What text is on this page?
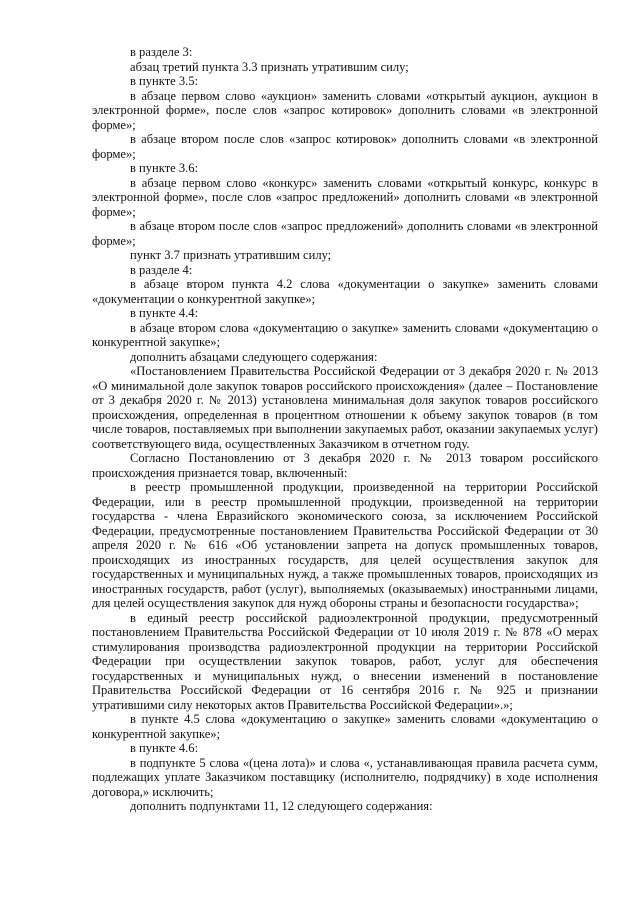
в разделе 3:

абзац третий пункта 3.3 признать утратившим силу;

в пункте 3.5:

в абзаце первом слово «аукцион» заменить словами «открытый аукцион, аукцион в электронной форме», после слов «запрос котировок» дополнить словами «в электронной форме»;

в абзаце втором после слов «запрос котировок» дополнить словами «в электронной форме»;

в пункте 3.6:

в абзаце первом слово «конкурс» заменить словами «открытый конкурс, конкурс в электронной форме», после слов «запрос предложений» дополнить словами «в электронной форме»;

в абзаце втором после слов «запрос предложений» дополнить словами «в электронной форме»;

пункт 3.7 признать утратившим силу;

в разделе 4:

в абзаце втором пункта 4.2 слова «документации о закупке» заменить словами «документации о конкурентной закупке»;

в пункте 4.4:

в абзаце втором слова «документацию о закупке» заменить словами «документацию о конкурентной закупке»;

дополнить абзацами следующего содержания:

«Постановлением Правительства Российской Федерации от 3 декабря 2020 г. № 2013 «О минимальной доле закупок товаров российского происхождения» (далее – Постановление от 3 декабря 2020 г. № 2013) установлена минимальная доля закупок товаров российского происхождения, определенная в процентном отношении к объему закупок товаров (в том числе товаров, поставляемых при выполнении закупаемых работ, оказании закупаемых услуг) соответствующего вида, осуществленных Заказчиком в отчетном году.

Согласно Постановлению от 3 декабря 2020 г. № 2013 товаром российского происхождения признается товар, включенный:

в реестр промышленной продукции, произведенной на территории Российской Федерации, или в реестр промышленной продукции, произведенной на территории государства - члена Евразийского экономического союза, за исключением Российской Федерации, предусмотренные постановлением Правительства Российской Федерации от 30 апреля 2020 г. № 616 «Об установлении запрета на допуск промышленных товаров, происходящих из иностранных государств, для целей осуществления закупок для государственных и муниципальных нужд, а также промышленных товаров, происходящих из иностранных государств, работ (услуг), выполняемых (оказываемых) иностранными лицами, для целей осуществления закупок для нужд обороны страны и безопасности государства»;

в единый реестр российской радиоэлектронной продукции, предусмотренный постановлением Правительства Российской Федерации от 10 июля 2019 г. № 878 «О мерах стимулирования производства радиоэлектронной продукции на территории Российской Федерации при осуществлении закупок товаров, работ, услуг для обеспечения государственных и муниципальных нужд, о внесении изменений в постановление Правительства Российской Федерации от 16 сентября 2016 г. № 925 и признании утратившими силу некоторых актов Правительства Российской Федерации».»;

в пункте 4.5 слова «документацию о закупке» заменить словами «документацию о конкурентной закупке»;

в пункте 4.6:

в подпункте 5 слова «(цена лота)» и слова «, устанавливающая правила расчета сумм, подлежащих уплате Заказчиком поставщику (исполнителю, подрядчику) в ходе исполнения договора,» исключить;

дополнить подпунктами 11, 12 следующего содержания:
